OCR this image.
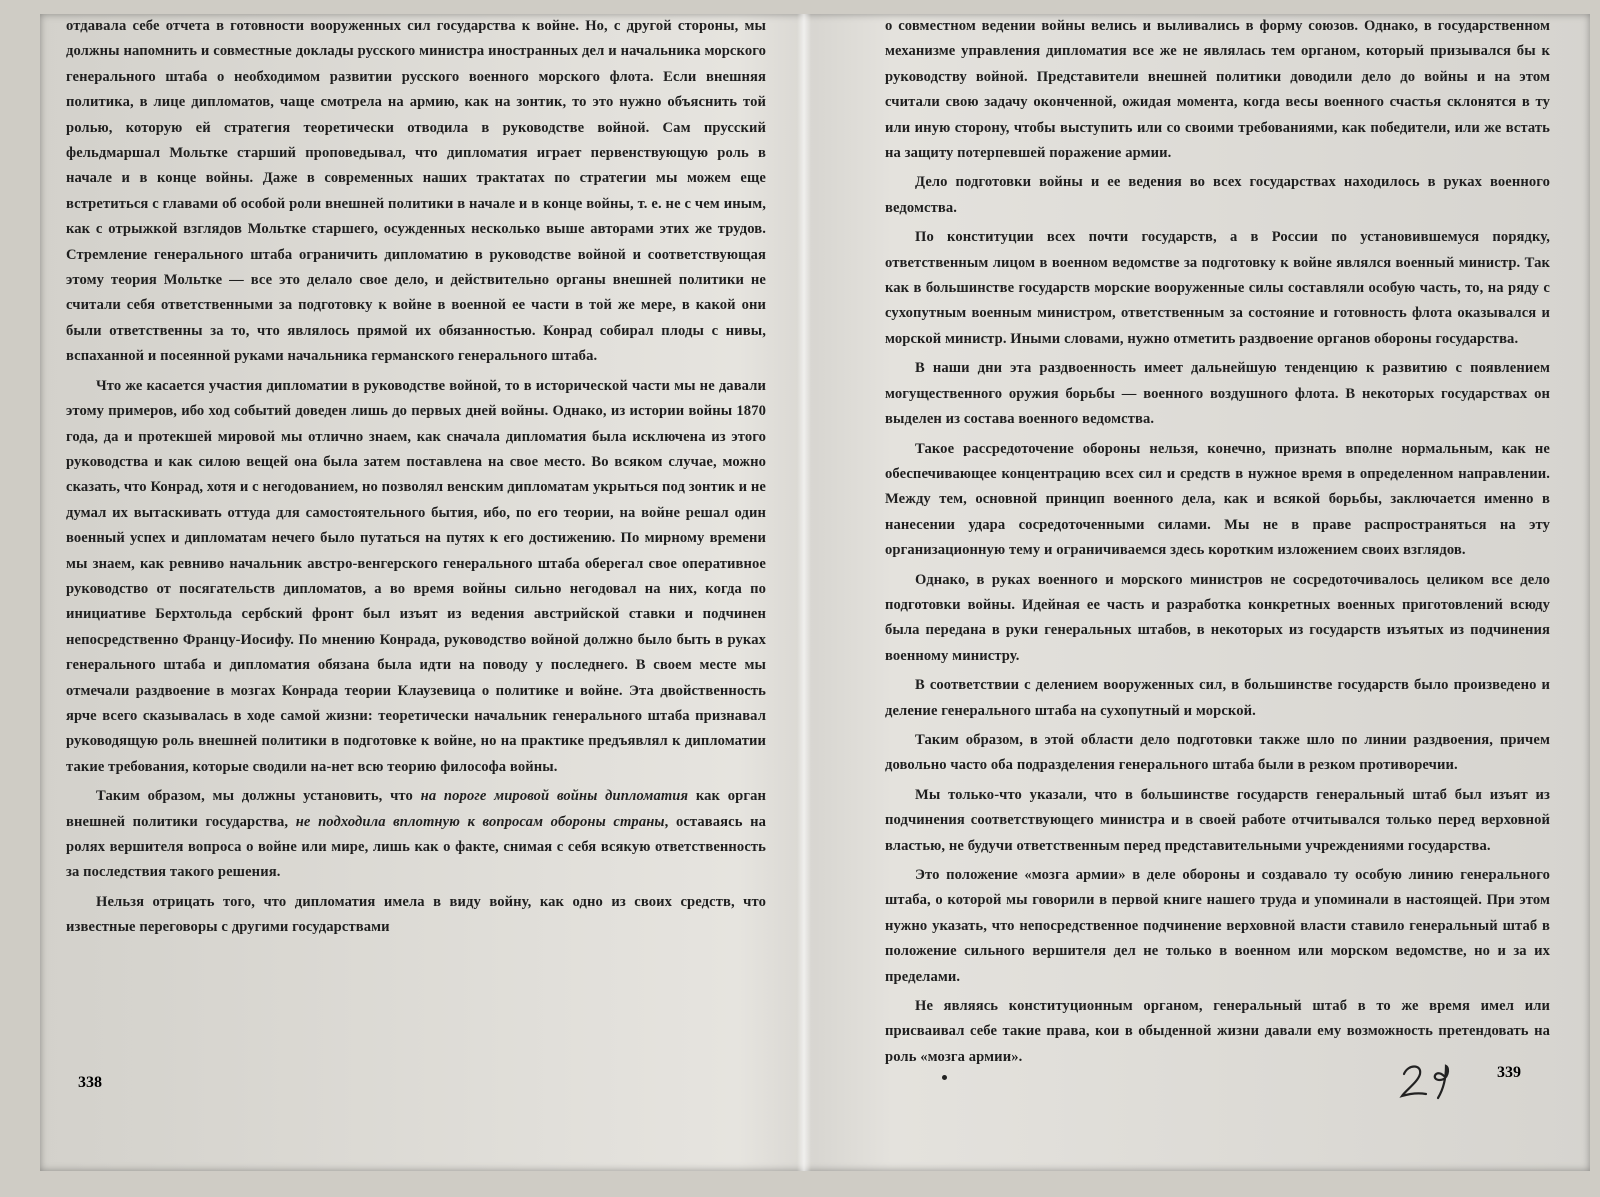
отдавала себе отчета в готовности вооруженных сил государства к войне. Но, с другой стороны, мы должны напомнить и совместные доклады русского министра иностранных дел и начальника морского генерального штаба о необходимом развитии русского военного морского флота. Если внешняя политика, в лице дипломатов, чаще смотрела на армию, как на зонтик, то это нужно объяснить той ролью, которую ей стратегия теоретически отводила в руководстве войной. Сам прусский фельдмаршал Мольтке старший проповедывал, что дипломатия играет первенствующую роль в начале и в конце войны. Даже в современных наших трактатах по стратегии мы можем еще встретиться с главами об особой роли внешней политики в начале и в конце войны, т. е. не с чем иным, как с отрыжкой взглядов Мольтке старшего, осужденных несколько выше авторами этих же трудов. Стремление генерального штаба ограничить дипломатию в руководстве войной и соответствующая этому теория Мольтке — все это делало свое дело, и действительно органы внешней политики не считали себя ответственными за подготовку к войне в военной ее части в той же мере, в какой они были ответственны за то, что являлось прямой их обязанностью. Конрад собирал плоды с нивы, вспаханной и посеянной руками начальника германского генерального штаба.

Что же касается участия дипломатии в руководстве войной, то в исторической части мы не давали этому примеров, ибо ход событий доведен лишь до первых дней войны. Однако, из истории войны 1870 года, да и протекшей мировой мы отлично знаем, как сначала дипломатия была исключена из этого руководства и как силою вещей она была затем поставлена на свое место. Во всяком случае, можно сказать, что Конрад, хотя и с негодованием, но позволял венским дипломатам укрыться под зонтик и не думал их вытаскивать оттуда для самостоятельного бытия, ибо, по его теории, на войне решал один военный успех и дипломатам нечего было путаться на путях к его достижению. По мирному времени мы знаем, как ревниво начальник австро-венгерского генерального штаба оберегал свое оперативное руководство от посягательств дипломатов, а во время войны сильно негодовал на них, когда по инициативе Берхтольда сербский фронт был изъят из ведения австрийской ставки и подчинен непосредственно Францу-Иосифу. По мнению Конрада, руководство войной должно было быть в руках генерального штаба и дипломатия обязана была идти на поводу у последнего. В своем месте мы отмечали раздвоение в мозгах Конрада теории Клаузевица о политике и войне. Эта двойственность ярче всего сказывалась в ходе самой жизни: теоретически начальник генерального штаба признавал руководящую роль внешней политики в подготовке к войне, но на практике предъявлял к дипломатии такие требования, которые сводили на-нет всю теорию философа войны.

Таким образом, мы должны установить, что на пороге мировой войны дипломатия как орган внешней политики государства, не подходила вплотную к вопросам обороны страны, оставаясь на ролях вершителя вопроса о войне или мире, лишь как о факте, снимая с себя всякую ответственность за последствия такого решения.

Нельзя отрицать того, что дипломатия имела в виду войну, как одно из своих средств, что известные переговоры с другими государствами

338

о совместном ведении войны велись и выливались в форму союзов. Однако, в государственном механизме управления дипломатия все же не являлась тем органом, который призывался бы к руководству войной. Представители внешней политики доводили дело до войны и на этом считали свою задачу оконченной, ожидая момента, когда весы военного счастья склонятся в ту или иную сторону, чтобы выступить или со своими требованиями, как победители, или же встать на защиту потерпевшей поражение армии.

Дело подготовки войны и ее ведения во всех государствах находилось в руках военного ведомства.

По конституции всех почти государств, а в России по установившемуся порядку, ответственным лицом в военном ведомстве за подготовку к войне являлся военный министр. Так как в большинстве государств морские вооруженные силы составляли особую часть, то, на ряду с сухопутным военным министром, ответственным за состояние и готовность флота оказывался и морской министр. Иными словами, нужно отметить раздвоение органов обороны государства.

В наши дни эта раздвоенность имеет дальнейшую тенденцию к развитию с появлением могущественного оружия борьбы — военного воздушного флота. В некоторых государствах он выделен из состава военного ведомства.

Такое рассредоточение обороны нельзя, конечно, признать вполне нормальным, как не обеспечивающее концентрацию всех сил и средств в нужное время в определенном направлении. Между тем, основной принцип военного дела, как и всякой борьбы, заключается именно в нанесении удара сосредоточенными силами. Мы не в праве распространяться на эту организационную тему и ограничиваемся здесь коротким изложением своих взглядов.

Однако, в руках военного и морского министров не сосредоточивалось целиком все дело подготовки войны. Идейная ее часть и разработка конкретных военных приготовлений всюду была передана в руки генеральных штабов, в некоторых из государств изъятых из подчинения военному министру.

В соответствии с делением вооруженных сил, в большинстве государств было произведено и деление генерального штаба на сухопутный и морской.

Таким образом, в этой области дело подготовки также шло по линии раздвоения, причем довольно часто оба подразделения генерального штаба были в резком противоречии.

Мы только-что указали, что в большинстве государств генеральный штаб был изъят из подчинения соответствующего министра и в своей работе отчитывался только перед верховной властью, не будучи ответственным перед представительными учреждениями государства.

Это положение «мозга армии» в деле обороны и создавало ту особую линию генерального штаба, о которой мы говорили в первой книге нашего труда и упоминали в настоящей. При этом нужно указать, что непосредственное подчинение верховной власти ставило генеральный штаб в положение сильного вершителя дел не только в военном или морском ведомстве, но и за их пределами.

Не являясь конституционным органом, генеральный штаб в то же время имел или присваивал себе такие права, кои в обыденной жизни давали ему возможность претендовать на роль «мозга армии».

339
